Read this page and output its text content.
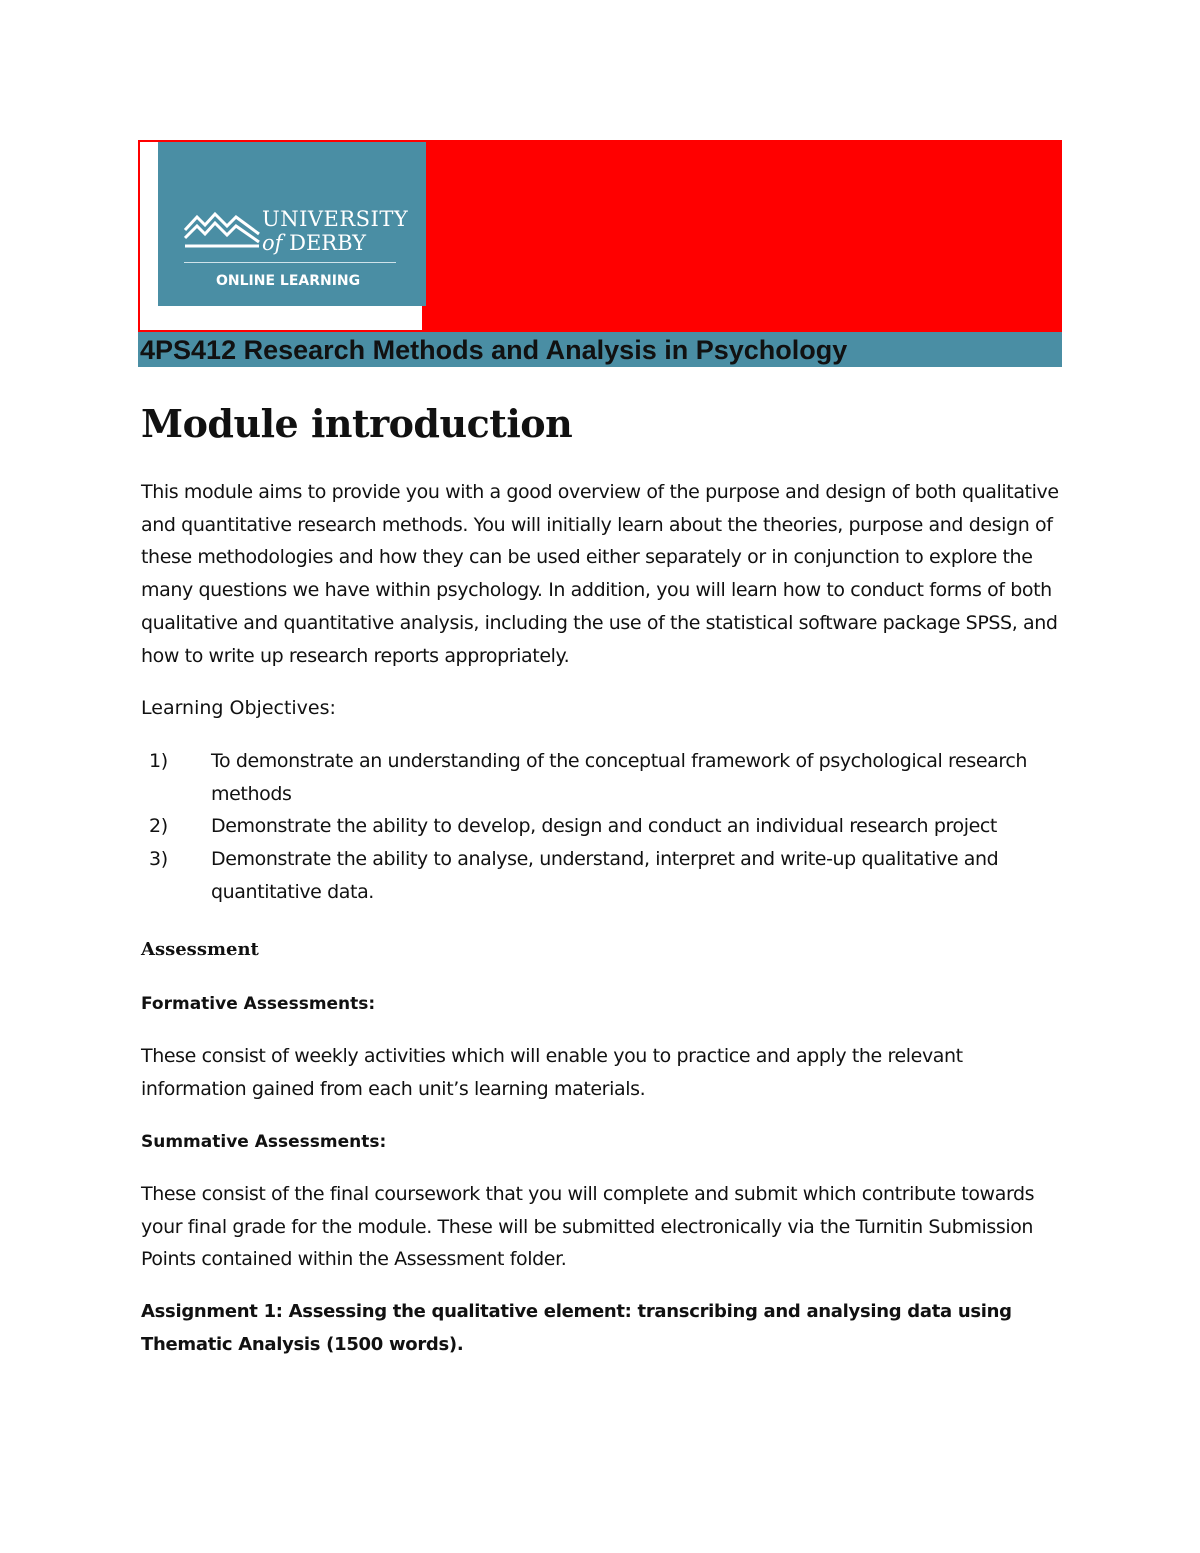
UNIVERSITY
of DERBY
ONLINE LEARNING
4PS412 Research Methods and Analysis in Psychology
Module introduction

This module aims to provide you with a good overview of the purpose and design of both qualitative and quantitative research methods. You will initially learn about the theories, purpose and design of these methodologies and how they can be used either separately or in conjunction to explore the many questions we have within psychology. In addition, you will learn how to conduct forms of both qualitative and quantitative analysis, including the use of the statistical software package SPSS, and how to write up research reports appropriately.

Learning Objectives:

1) To demonstrate an understanding of the conceptual framework of psychological research methods
2) Demonstrate the ability to develop, design and conduct an individual research project
3) Demonstrate the ability to analyse, understand, interpret and write-up qualitative and quantitative data.

Assessment

Formative Assessments:

These consist of weekly activities which will enable you to practice and apply the relevant information gained from each unit’s learning materials.

Summative Assessments:

These consist of the final coursework that you will complete and submit which contribute towards your final grade for the module. These will be submitted electronically via the Turnitin Submission Points contained within the Assessment folder.

Assignment 1: Assessing the qualitative element: transcribing and analysing data using Thematic Analysis (1500 words).
